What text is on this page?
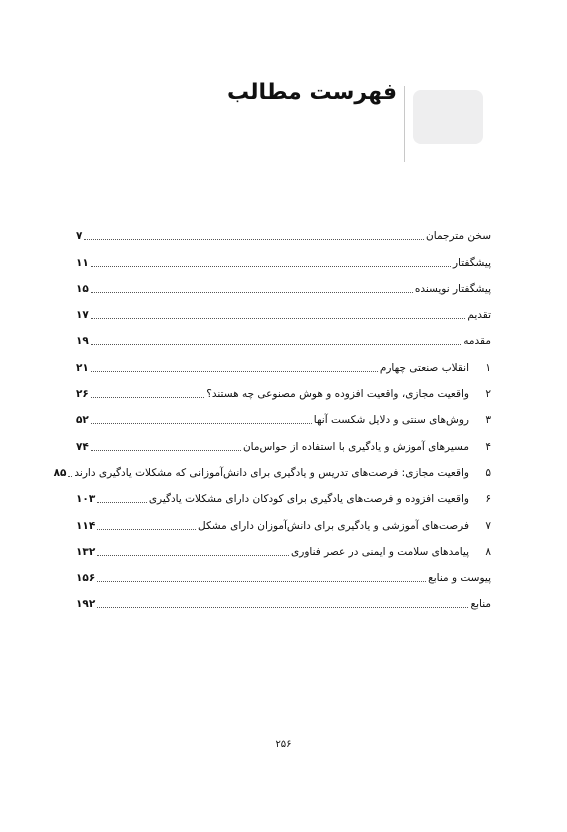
فهرست مطالب
سخن مترجمان
۷
پیشگفتار
۱۱
پیشگفتار نویسنده
۱۵
تقدیم
۱۷
مقدمه
۱۹
۱
انقلاب صنعتی چهارم
۲۱
۲
واقعیت مجازی، واقعیت افزوده و هوش مصنوعی چه هستند؟
۲۶
۳
روش‌های سنتی و دلایل شکست آنها
۵۲
۴
مسیرهای آموزش و یادگیری با استفاده از حواس‌مان
۷۴
۵
واقعیت مجازی: فرصت‌های تدریس و یادگیری برای دانش‌آموزانی که مشکلات یادگیری دارند
۸۵
۶
واقعیت افزوده و فرصت‌های یادگیری برای کودکان دارای مشکلات یادگیری
۱۰۳
۷
فرصت‌های آموزشی و یادگیری برای دانش‌آموزان دارای مشکل
۱۱۴
۸
پیامدهای سلامت و ایمنی در عصر فناوری
۱۳۲
پیوست و منابع
۱۵۶
منابع
۱۹۲
۲۵۶
